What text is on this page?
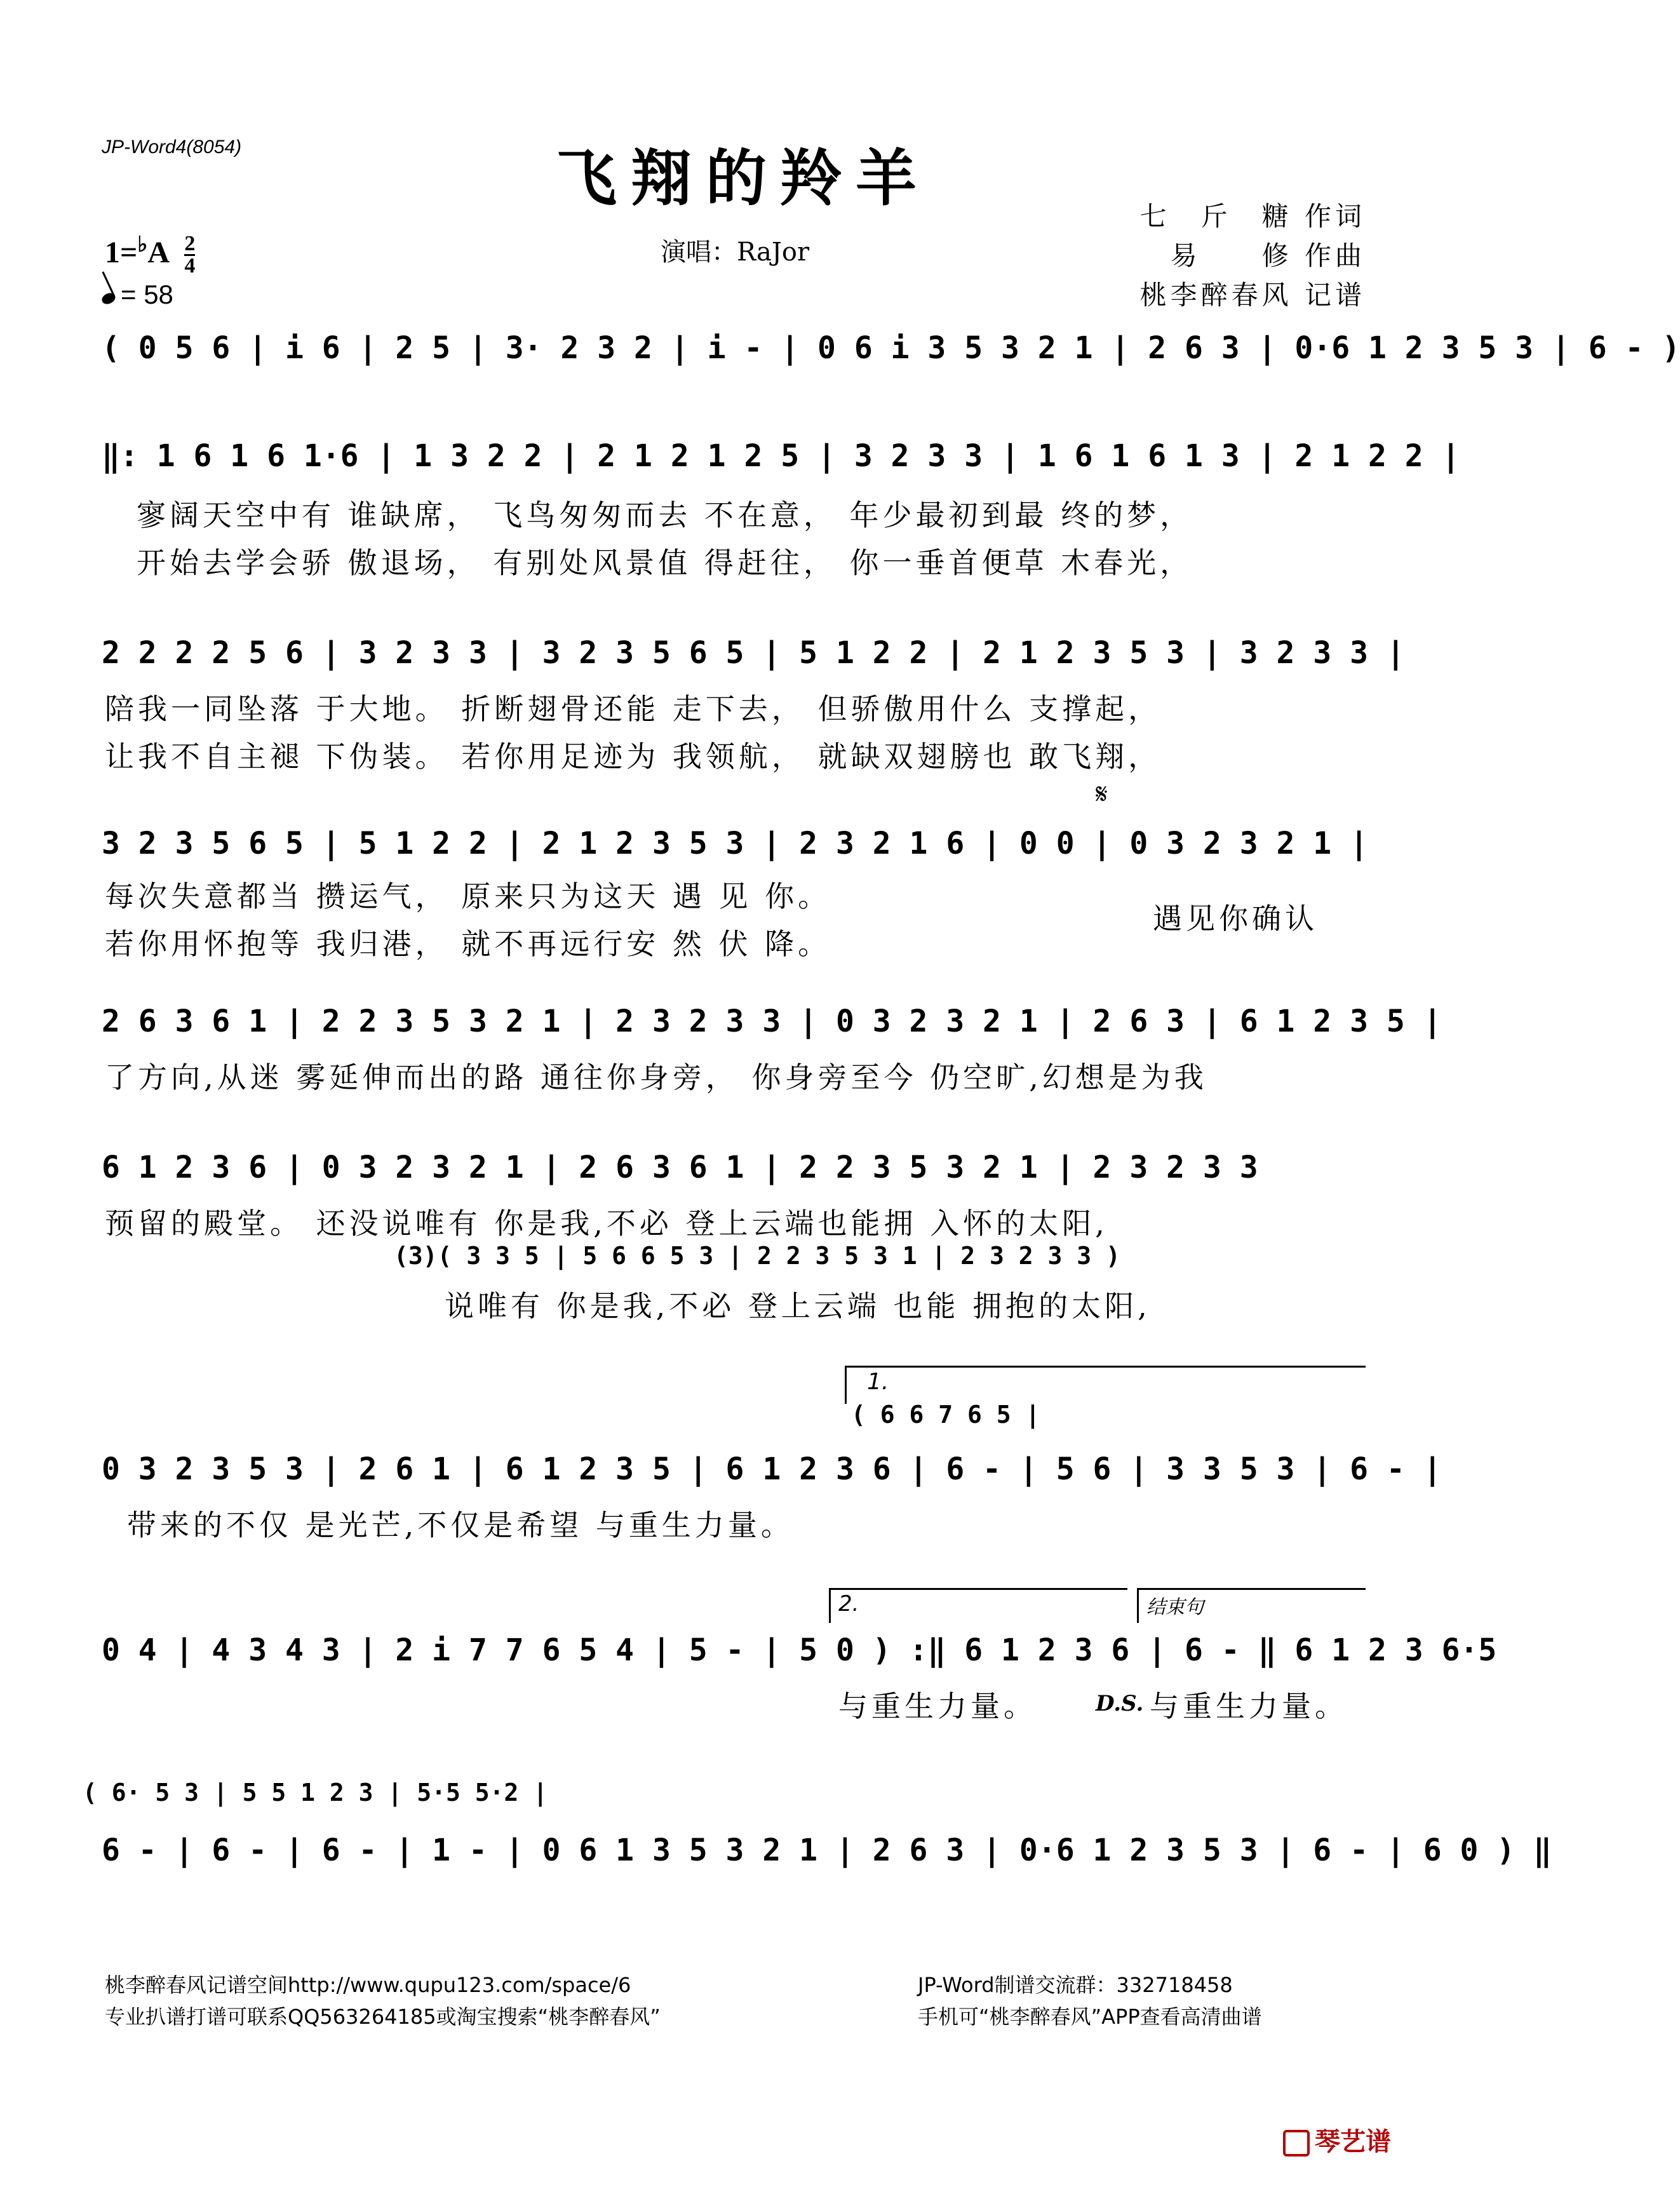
JP-Word4(8054)	飞翔的羚羊
七　斤　糖 作词
易　　修 作曲
桃李醉春风 记谱
演唱：RaJor
$1=^♭A \frac{2}{4}$
= 58
( 0 5 6 | i 6 | 2 5 | 3· 2 3 2 | i - | 0 6 i 3 5 3 2 1 | 2 6 3 | 0·6 1 2 3 5 3 | 6 - )
‖: 1 6 1 6 1·6 | 1 3 2 2 | 2 1 2 1 2 5 | 3 2 3 3 | 1 6 1 6 1 3 | 2 1 2 2 |
寥阔天空中有 谁缺席， 飞鸟匆匆而去 不在意， 年少最初到最 终的梦，
开始去学会骄 傲退场， 有别处风景值 得赶往， 你一垂首便草 木春光，
2 2 2 2 5 6 | 3 2 3 3 | 3 2 3 5 6 5 | 5 1 2 2 | 2 1 2 3 5 3 | 3 2 3 3 |
陪我一同坠落 于大地。 折断翅骨还能 走下去， 但骄傲用什么 支撑起，
让我不自主褪 下伪装。 若你用足迹为 我领航， 就缺双翅膀也 敢飞翔，
𝄋
3 2 3 5 6 5 | 5 1 2 2 | 2 1 2 3 5 3 | 2 3 2 1 6 | 0 0 | 0 3 2 3 2 1 |
每次失意都当 攒运气， 原来只为这天 遇 见 你。
若你用怀抱等 我归港， 就不再远行安 然 伏 降。
遇见你确认
2 6 3 6 1 | 2 2 3 5 3 2 1 | 2 3 2 3 3 | 0 3 2 3 2 1 | 2 6 3 | 6 1 2 3 5 |
了方向,从迷 雾延伸而出的路 通往你身旁， 你身旁至今 仍空旷,幻想是为我
6 1 2 3 6 | 0 3 2 3 2 1 | 2 6 3 6 1 | 2 2 3 5 3 2 1 | 2 3 2 3 3
预留的殿堂。 还没说唯有 你是我,不必 登上云端也能拥 入怀的太阳,
(3)( 3 3 5 | 5 6 6 5 3 | 2 2 3 5 3 1 | 2 3 2 3 3 )
说唯有 你是我,不必 登上云端 也能 拥抱的太阳,
1.
( 6 6 7 6 5 |
0 3 2 3 5 3 | 2 6 1 | 6 1 2 3 5 | 6 1 2 3 6 | 6 - | 5 6 | 3 3 5 3 | 6 - |
带来的不仅 是光芒,不仅是希望 与重生力量。
2.	结束句
0 4 | 4 3 4 3 | 2 i 7 7 6 5 4 | 5 - | 5 0 ) :‖ 6 1 2 3 6 | 6 - ‖ 6 1 2 3 6·5
与重生力量。	D.S. 与重生力量。
( 6· 5 3 | 5 5 1 2 3 | 5·5 5·2 |
6 - | 6 - | 6 - | 1 - | 0 6 1 3 5 3 2 1 | 2 6 3 | 0·6 1 2 3 5 3 | 6 - | 6 0 ) ‖
桃李醉春风记谱空间http://www.qupu123.com/space/6
专业扒谱打谱可联系QQ563264185或淘宝搜索“桃李醉春风”
JP-Word制谱交流群：332718458
手机可“桃李醉春风”APP查看高清曲谱
琴艺谱
